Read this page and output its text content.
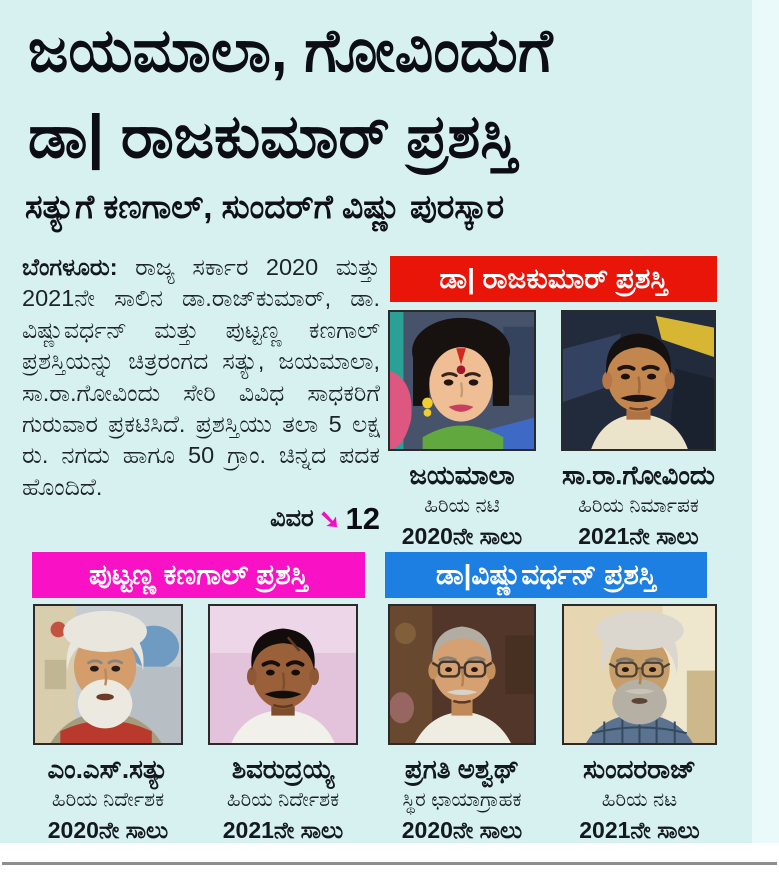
ಜಯಮಾಲಾ, ಗೋವಿಂದುಗೆ
ಡಾ| ರಾಜಕುಮಾರ್ ಪ್ರಶಸ್ತಿ
ಸತ್ಯುಗೆ ಕಣಗಾಲ್, ಸುಂದರ್‌ಗೆ ವಿಷ್ಣು ಪುರಸ್ಕಾರ

ಬೆಂಗಳೂರು: ರಾಜ್ಯ ಸರ್ಕಾರ 2020 ಮತ್ತು 2021ನೇ ಸಾಲಿನ ಡಾ.ರಾಜ್‌ಕುಮಾರ್, ಡಾ. ವಿಷ್ಣುವರ್ಧನ್ ಮತ್ತು ಪುಟ್ಟಣ್ಣ ಕಣಗಾಲ್ ಪ್ರಶಸ್ತಿಯನ್ನು ಚಿತ್ರರಂಗದ ಸತ್ಯು, ಜಯಮಾಲಾ, ಸಾ.ರಾ.ಗೋವಿಂದು ಸೇರಿ ವಿವಿಧ ಸಾಧಕರಿಗೆ ಗುರುವಾರ ಪ್ರಕಟಿಸಿದೆ. ಪ್ರಶಸ್ತಿಯು ತಲಾ 5 ಲಕ್ಷ ರು. ನಗದು ಹಾಗೂ 50 ಗ್ರಾಂ. ಚಿನ್ನದ ಪದಕ ಹೊಂದಿದೆ.

ವಿವರ ➘ 12
ಡಾ| ರಾಜಕುಮಾರ್ ಪ್ರಶಸ್ತಿ
ಪುಟ್ಟಣ್ಣ ಕಣಗಾಲ್ ಪ್ರಶಸ್ತಿ	ಡಾ|ವಿಷ್ಣುವರ್ಧನ್ ಪ್ರಶಸ್ತಿ
ಜಯಮಾಲಾ
ಹಿರಿಯ ನಟಿ
2020ನೇ ಸಾಲು
ಸಾ.ರಾ.ಗೋವಿಂದು
ಹಿರಿಯ ನಿರ್ಮಾಪಕ
2021ನೇ ಸಾಲು
ಎಂ.ಎಸ್.ಸತ್ಯು
ಹಿರಿಯ ನಿರ್ದೇಶಕ
2020ನೇ ಸಾಲು
ಶಿವರುದ್ರಯ್ಯ
ಹಿರಿಯ ನಿರ್ದೇಶಕ
2021ನೇ ಸಾಲು
ಪ್ರಗತಿ ಅಶ್ವಥ್
ಸ್ಥಿರ ಛಾಯಾಗ್ರಾಹಕ
2020ನೇ ಸಾಲು
ಸುಂದರರಾಜ್
ಹಿರಿಯ ನಟ
2021ನೇ ಸಾಲು
